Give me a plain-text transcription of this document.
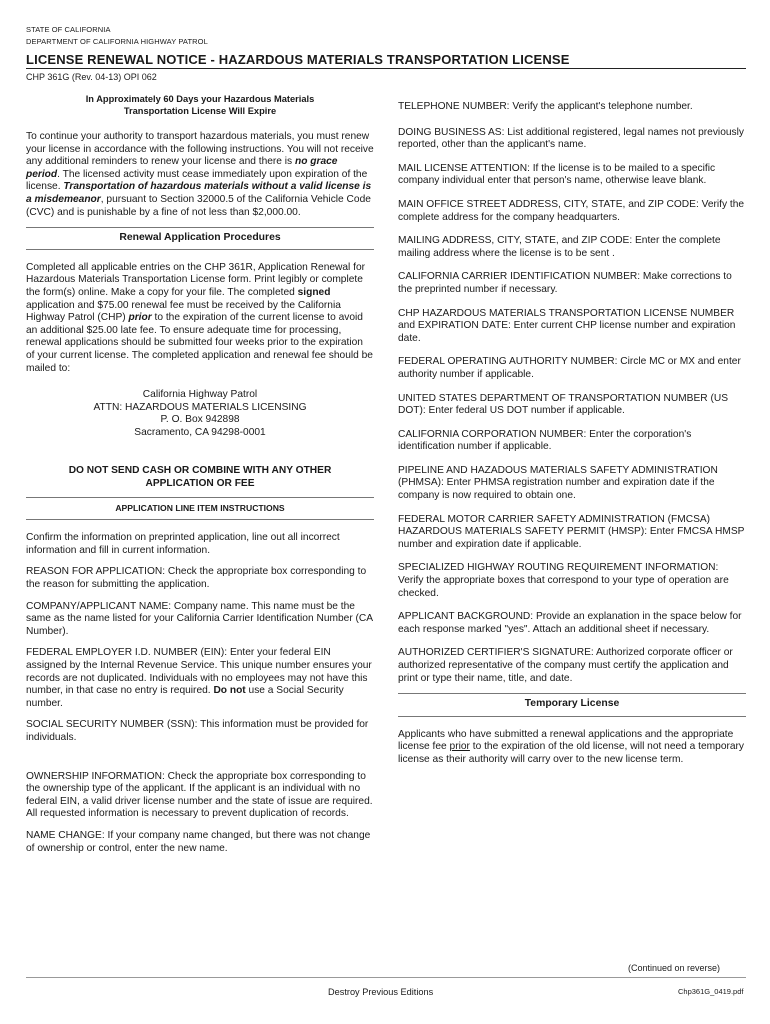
STATE OF CALIFORNIA
DEPARTMENT OF CALIFORNIA HIGHWAY PATROL
LICENSE RENEWAL NOTICE - HAZARDOUS MATERIALS TRANSPORTATION LICENSE
CHP 361G (Rev. 04-13) OPI 062
In Approximately 60 Days your Hazardous Materials
Transportation License Will Expire

To continue your authority to transport hazardous materials, you must renew your license in accordance with the following instructions. You will not receive any additional reminders to renew your license and there is no grace period. The licensed activity must cease immediately upon expiration of the license. Transportation of hazardous materials without a valid license is a misdemeanor, pursuant to Section 32000.5 of the California Vehicle Code (CVC) and is punishable by a fine of not less than $2,000.00.

Renewal Application Procedures

Completed all applicable entries on the CHP 361R, Application Renewal for Hazardous Materials Transportation License form. Print legibly or complete the form(s) online. Make a copy for your file. The completed signed application and $75.00 renewal fee must be received by the California Highway Patrol (CHP) prior to the expiration of the current license to avoid an additional $25.00 late fee. To ensure adequate time for processing, renewal applications should be submitted four weeks prior to the expiration of your current license. The completed application and renewal fee should be mailed to:

California Highway Patrol
ATTN: HAZARDOUS MATERIALS LICENSING
P. O. Box 942898
Sacramento, CA 94298-0001
DO NOT SEND CASH OR COMBINE WITH ANY OTHER
APPLICATION OR FEE
APPLICATION LINE ITEM INSTRUCTIONS

Confirm the information on preprinted application, line out all incorrect information and fill in current information.

REASON FOR APPLICATION: Check the appropriate box corresponding to the reason for submitting the application.

COMPANY/APPLICANT NAME: Company name. This name must be the same as the name listed for your California Carrier Identification Number (CA Number).

FEDERAL EMPLOYER I.D. NUMBER (EIN): Enter your federal EIN assigned by the Internal Revenue Service. This unique number ensures your records are not duplicated. Individuals with no employees may not have this number, in that case no entry is required. Do not use a Social Security number.

SOCIAL SECURITY NUMBER (SSN): This information must be provided for individuals.

OWNERSHIP INFORMATION: Check the appropriate box corresponding to the ownership type of the applicant. If the applicant is an individual with no federal EIN, a valid driver license number and the state of issue are required. All requested information is necessary to prevent duplication of records.

NAME CHANGE: If your company name changed, but there was not change of ownership or control, enter the new name.

TELEPHONE NUMBER: Verify the applicant's telephone number.

DOING BUSINESS AS: List additional registered, legal names not previously reported, other than the applicant's name.

MAIL LICENSE ATTENTION: If the license is to be mailed to a specific company individual enter that person's name, otherwise leave blank.

MAIN OFFICE STREET ADDRESS, CITY, STATE, and ZIP CODE: Verify the complete address for the company headquarters.

MAILING ADDRESS, CITY, STATE, and ZIP CODE: Enter the complete mailing address where the license is to be sent .

CALIFORNIA CARRIER IDENTIFICATION NUMBER: Make corrections to the preprinted number if necessary.

CHP HAZARDOUS MATERIALS TRANSPORTATION LICENSE NUMBER and EXPIRATION DATE: Enter current CHP license number and expiration date.

FEDERAL OPERATING AUTHORITY NUMBER: Circle MC or MX and enter authority number if applicable.

UNITED STATES DEPARTMENT OF TRANSPORTATION NUMBER (US DOT): Enter federal US DOT number if applicable.

CALIFORNIA CORPORATION NUMBER: Enter the corporation's identification number if applicable.

PIPELINE AND HAZADOUS MATERIALS SAFETY ADMINISTRATION (PHMSA): Enter PHMSA registration number and expiration date if the company is now required to obtain one.

FEDERAL MOTOR CARRIER SAFETY ADMINISTRATION (FMCSA) HAZARDOUS MATERIALS SAFETY PERMIT (HMSP): Enter FMCSA HMSP number and expiration date if applicable.

SPECIALIZED HIGHWAY ROUTING REQUIREMENT INFORMATION: Verify the appropriate boxes that correspond to your type of operation are checked.

APPLICANT BACKGROUND: Provide an explanation in the space below for each response marked "yes". Attach an additional sheet if necessary.

AUTHORIZED CERTIFIER'S SIGNATURE: Authorized corporate officer or authorized representative of the company must certify the application and print or type their name, title, and date.

Temporary License

Applicants who have submitted a renewal applications and the appropriate license fee prior to the expiration of the old license, will not need a temporary license as their authority will carry over to the new license term.

(Continued on reverse)
Destroy Previous Editions	Chp361G_0419.pdf
